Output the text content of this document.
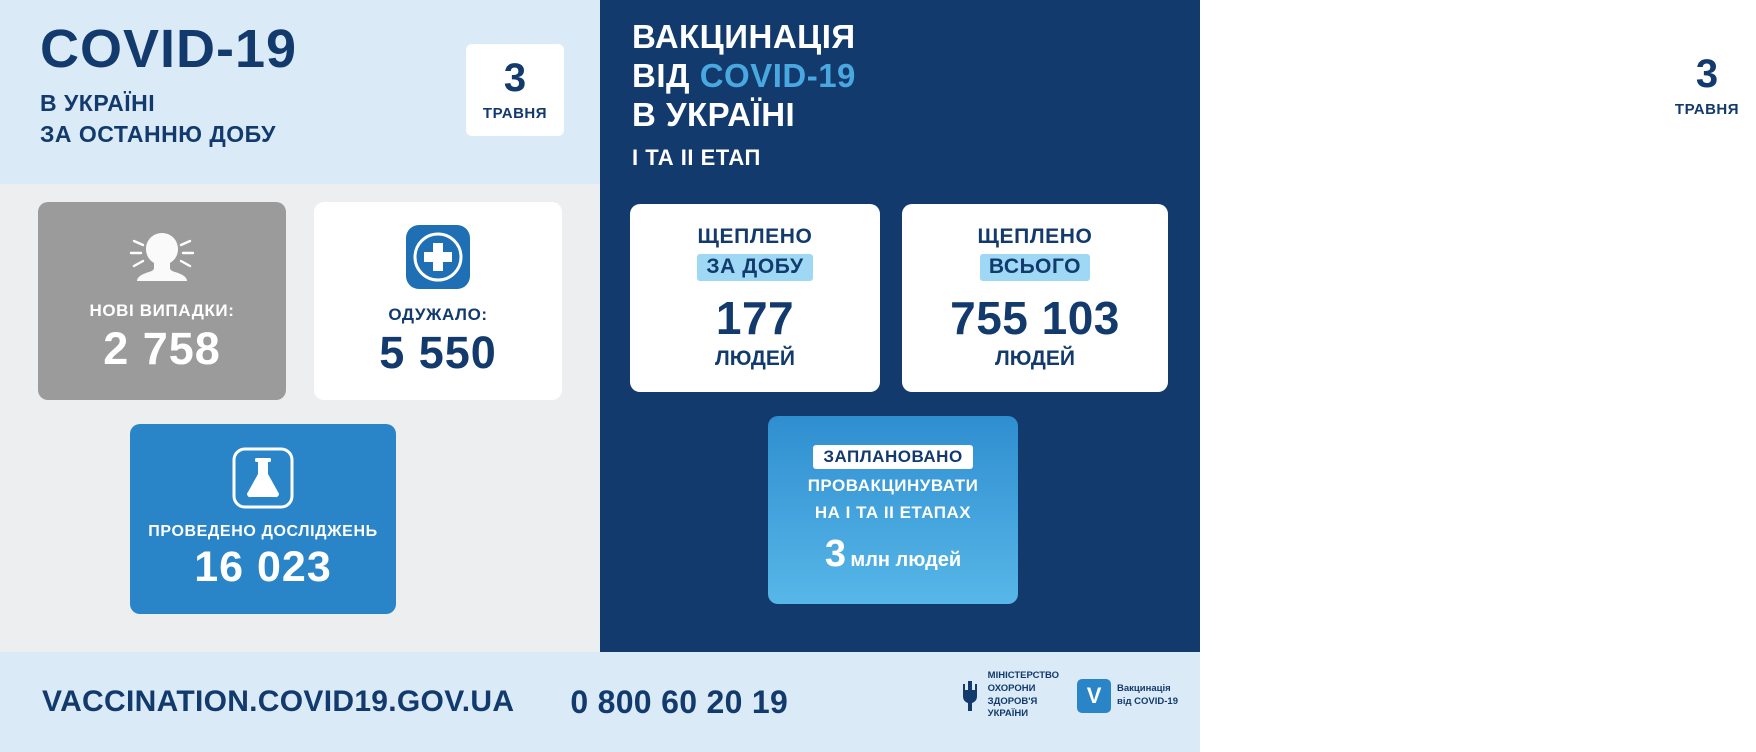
COVID-19
В УКРАЇНІ
ЗА ОСТАННЮ ДОБУ
3
ТРАВНЯ
ВАКЦИНАЦІЯ
ВІД COVID-19
В УКРАЇНІ
I ТА II ЕТАП
3
ТРАВНЯ
НОВІ ВИПАДКИ:
2 758
ОДУЖАЛО:
5 550
ПРОВЕДЕНО ДОСЛІДЖЕНЬ
16 023
ЩЕПЛЕНО
ЗА ДОБУ
177
ЛЮДЕЙ
ЩЕПЛЕНО
ВСЬОГО
755 103
ЛЮДЕЙ
ЗАПЛАНОВАНО
ПРОВАКЦИНУВАТИ
НА I ТА II ЕТАПАХ
3 млн людей
VACCINATION.COVID19.GOV.UA 0 800 60 20 19
МІНІСТЕРСТВО
ОХОРОНИ
ЗДОРОВ'Я
УКРАЇНИ
V	Вакцинація
від COVID-19
